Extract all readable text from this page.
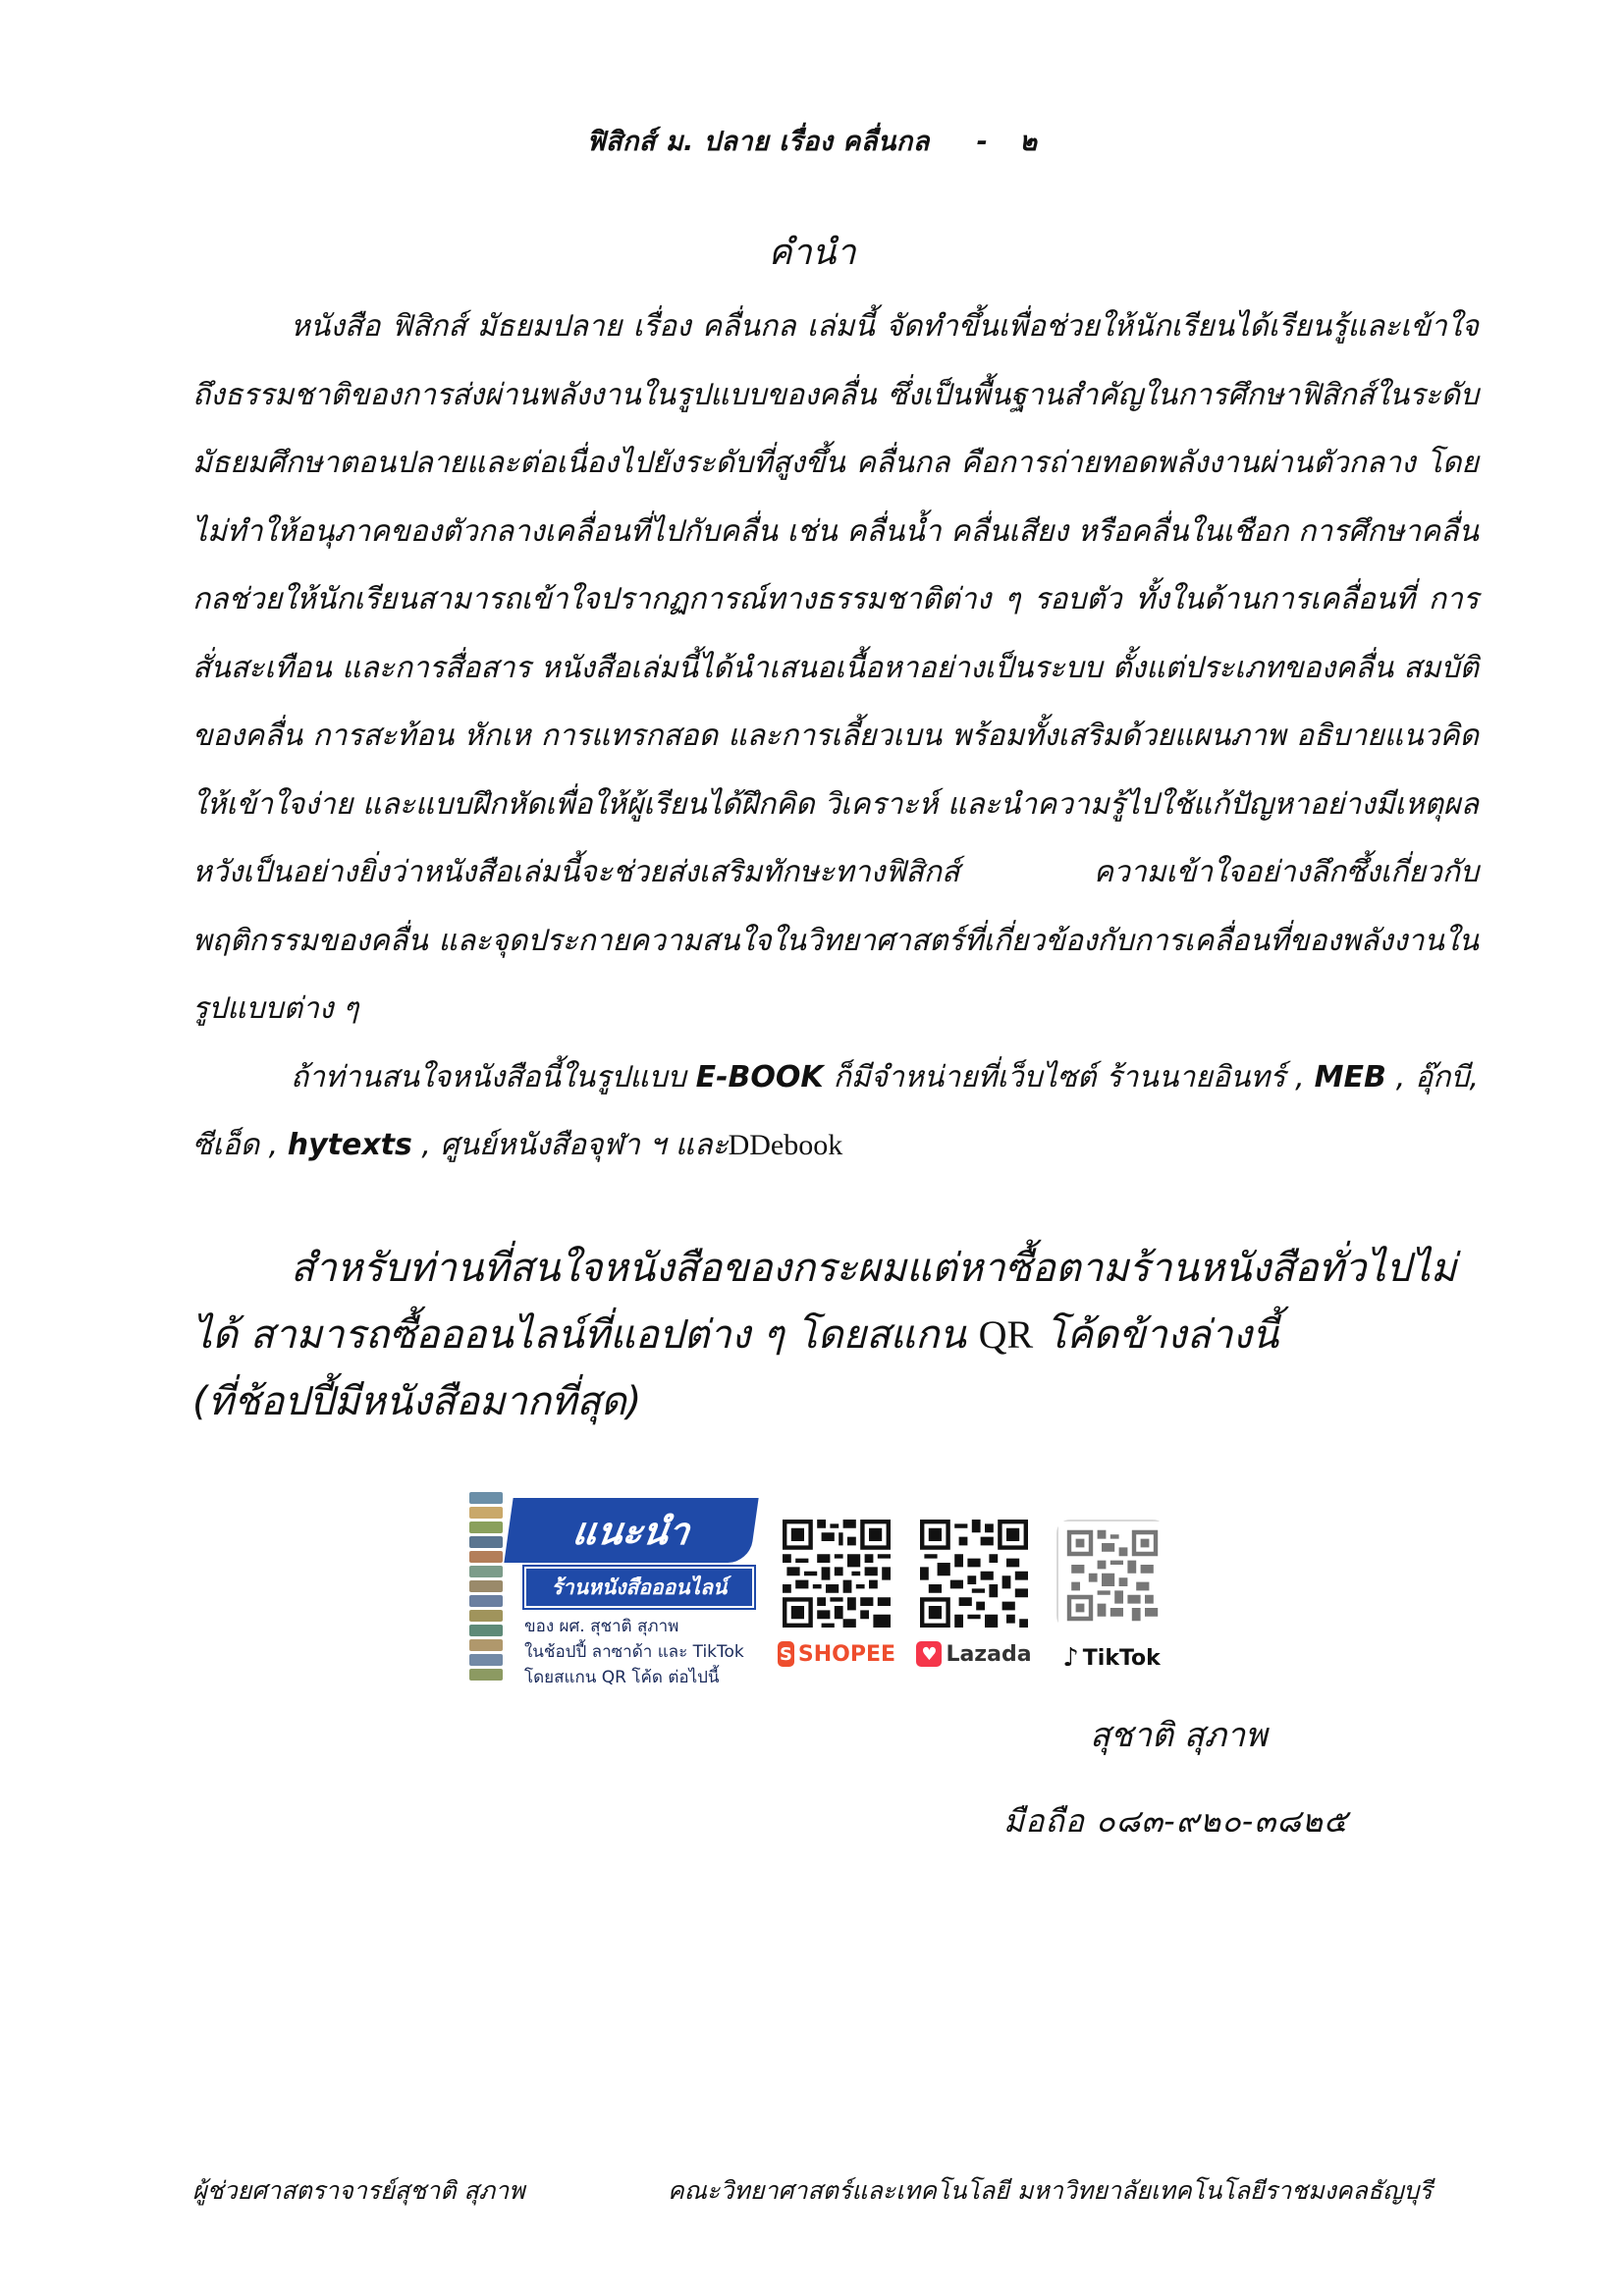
ฟิสิกส์ ม. ปลาย เรื่อง คลื่นกล - ๒
คำนำ

หนังสือ ฟิสิกส์ มัธยมปลาย เรื่อง คลื่นกล เล่มนี้ จัดทำขึ้นเพื่อช่วยให้นักเรียนได้เรียนรู้และเข้าใจถึงธรรมชาติของการส่งผ่านพลังงานในรูปแบบของคลื่น ซึ่งเป็นพื้นฐานสำคัญในการศึกษาฟิสิกส์ในระดับมัธยมศึกษาตอนปลายและต่อเนื่องไปยังระดับที่สูงขึ้น คลื่นกล คือการถ่ายทอดพลังงานผ่านตัวกลาง โดยไม่ทำให้อนุภาคของตัวกลางเคลื่อนที่ไปกับคลื่น เช่น คลื่นน้ำ คลื่นเสียง หรือคลื่นในเชือก การศึกษาคลื่นกลช่วยให้นักเรียนสามารถเข้าใจปรากฏการณ์ทางธรรมชาติต่าง ๆ รอบตัว ทั้งในด้านการเคลื่อนที่ การสั่นสะเทือน และการสื่อสาร หนังสือเล่มนี้ได้นำเสนอเนื้อหาอย่างเป็นระบบ ตั้งแต่ประเภทของคลื่น สมบัติของคลื่น การสะท้อน หักเห การแทรกสอด และการเลี้ยวเบน พร้อมทั้งเสริมด้วยแผนภาพ อธิบายแนวคิดให้เข้าใจง่าย และแบบฝึกหัดเพื่อให้ผู้เรียนได้ฝึกคิด วิเคราะห์ และนำความรู้ไปใช้แก้ปัญหาอย่างมีเหตุผล หวังเป็นอย่างยิ่งว่าหนังสือเล่มนี้จะช่วยส่งเสริมทักษะทางฟิสิกส์ ความเข้าใจอย่างลึกซึ้งเกี่ยวกับพฤติกรรมของคลื่น และจุดประกายความสนใจในวิทยาศาสตร์ที่เกี่ยวข้องกับการเคลื่อนที่ของพลังงานในรูปแบบต่าง ๆ

ถ้าท่านสนใจหนังสือนี้ในรูปแบบ E-BOOK ก็มีจำหน่ายที่เว็บไซต์ ร้านนายอินทร์ , MEB , อุ๊กบี, ซีเอ็ด , hytexts , ศูนย์หนังสือจุฬา ฯ และDDebook

สำหรับท่านที่สนใจหนังสือของกระผมแต่หาซื้อตามร้านหนังสือทั่วไปไม่ได้ สามารถซื้อออนไลน์ที่แอปต่าง ๆ โดยสแกน QR โค้ดข้างล่างนี้

(ที่ช้อปปี้มีหนังสือมากที่สุด)

แนะนำ
ร้านหนังสือออนไลน์
ของ ผศ. สุชาติ สุภาพ
ในช้อปปี้ ลาซาด้า และ TikTok
โดยสแกน QR โค้ด ต่อไปนี้
S SHOPEE ♥ Lazada ♪ TikTok
สุชาติ สุภาพ
มือถือ ๐๘๓-๙๒๐-๓๘๒๕
ผู้ช่วยศาสตราจารย์สุชาติ สุภาพ	คณะวิทยาศาสตร์และเทคโนโลยี มหาวิทยาลัยเทคโนโลยีราชมงคลธัญบุรี
